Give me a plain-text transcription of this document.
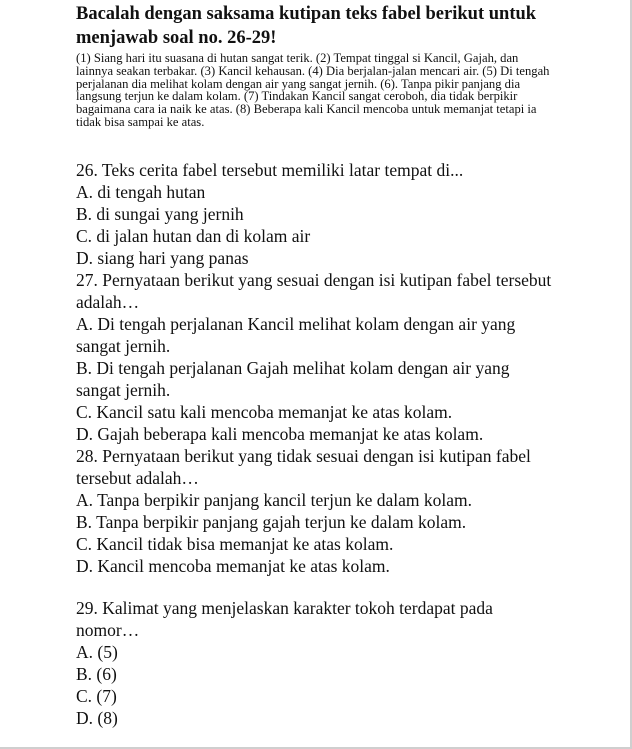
Bacalah dengan saksama kutipan teks fabel berikut untuk menjawab soal no. 26-29!

(1) Siang hari itu suasana di hutan sangat terik. (2) Tempat tinggal si Kancil, Gajah, dan lainnya seakan terbakar. (3) Kancil kehausan. (4) Dia berjalan-jalan mencari air. (5) Di tengah perjalanan dia melihat kolam dengan air yang sangat jernih. (6). Tanpa pikir panjang dia langsung terjun ke dalam kolam. (7) Tindakan Kancil sangat ceroboh, dia tidak berpikir bagaimana cara ia naik ke atas. (8) Beberapa kali Kancil mencoba untuk memanjat tetapi ia tidak bisa sampai ke atas.

26. Teks cerita fabel tersebut memiliki latar tempat di...

A. di tengah hutan

B. di sungai yang jernih

C. di jalan hutan dan di kolam air

D. siang hari yang panas

27. Pernyataan berikut yang sesuai dengan isi kutipan fabel tersebut adalah…

A. Di tengah perjalanan Kancil melihat kolam dengan air yang sangat jernih.

B. Di tengah perjalanan Gajah melihat kolam dengan air yang sangat jernih.

C. Kancil satu kali mencoba memanjat ke atas kolam.

D. Gajah beberapa kali mencoba memanjat ke atas kolam.

28. Pernyataan berikut yang tidak sesuai dengan isi kutipan fabel tersebut adalah…

A. Tanpa berpikir panjang kancil terjun ke dalam kolam.

B. Tanpa berpikir panjang gajah terjun ke dalam kolam.

C. Kancil tidak bisa memanjat ke atas kolam.

D. Kancil mencoba memanjat ke atas kolam.

29. Kalimat yang menjelaskan karakter tokoh terdapat pada nomor…

A. (5)

B. (6)

C. (7)

D. (8)
